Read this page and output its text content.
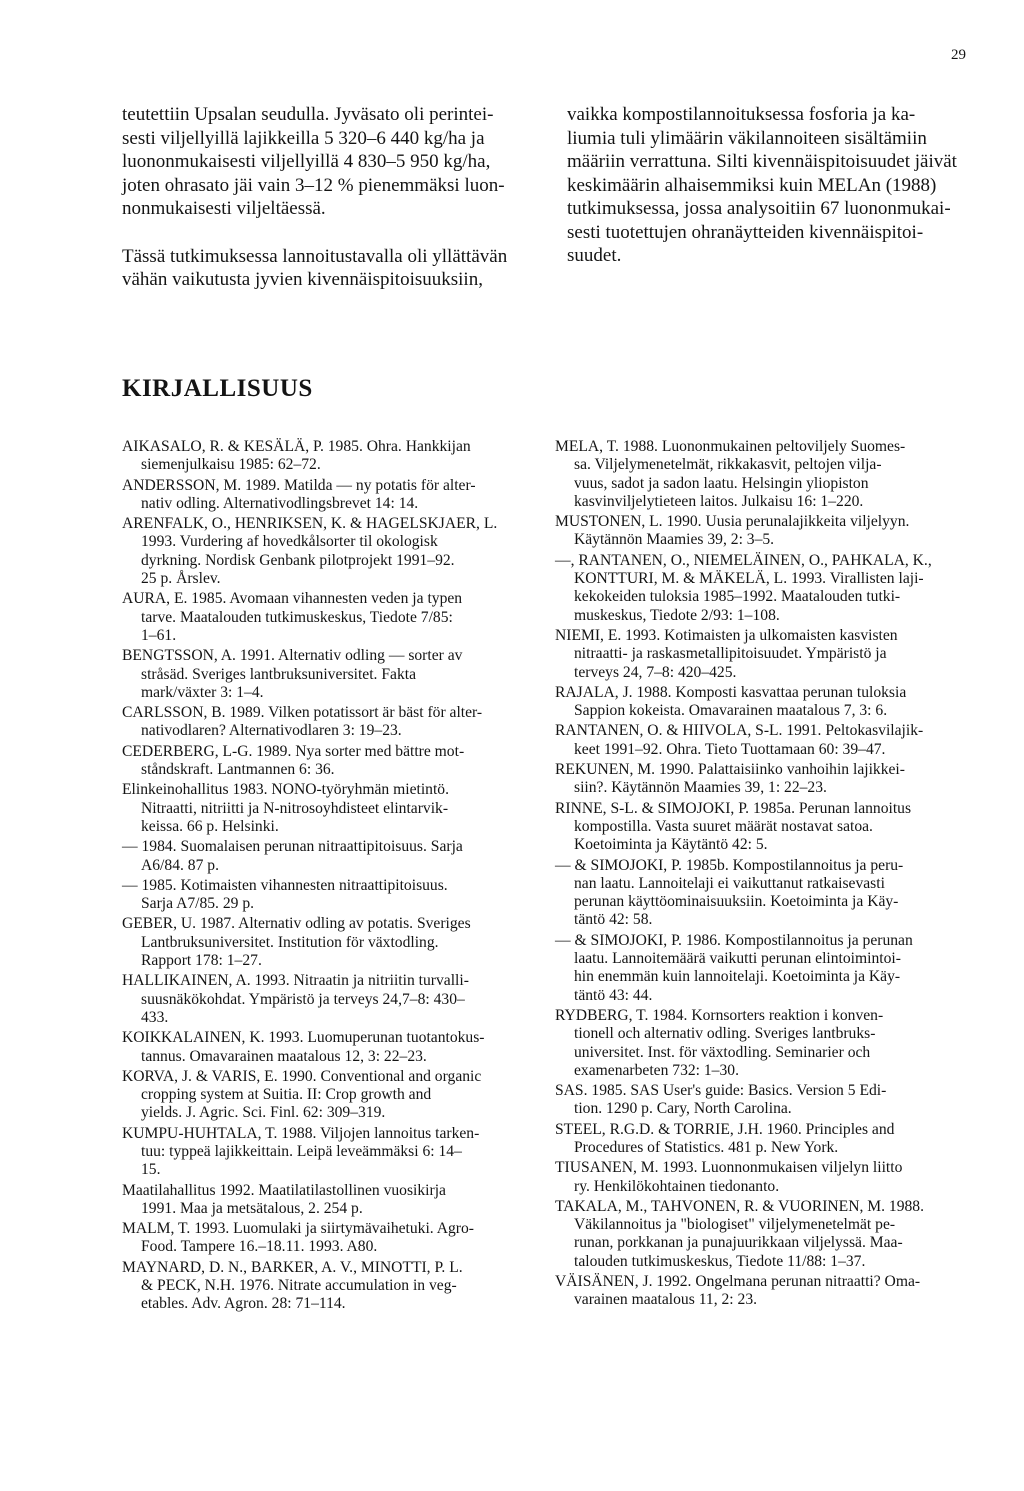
29

teutettiin Upsalan seudulla. Jyväsato oli perintei-
sesti viljellyillä lajikkeilla 5 320–6 440 kg/ha ja
luononmukaisesti viljellyillä 4 830–5 950 kg/ha,
joten ohrasato jäi vain 3–12 % pienemmäksi luon-
nonmukaisesti viljeltäessä.

Tässä tutkimuksessa lannoitustavalla oli yllättävän
vähän vaikutusta jyvien kivennäispitoisuuksiin,

vaikka kompostilannoituksessa fosforia ja ka-
liumia tuli ylimäärin väkilannoiteen sisältämiin
määriin verrattuna. Silti kivennäispitoisuudet jäivät
keskimäärin alhaisemmiksi kuin MELAn (1988)
tutkimuksessa, jossa analysoitiin 67 luononmukai-
sesti tuotettujen ohranäytteiden kivennäispitoi-
suudet.

KIRJALLISUUS
AIKASALO, R. & KESÄLÄ, P. 1985. Ohra. Hankkijan
siemenjulkaisu 1985: 62–72.
ANDERSSON, M. 1989. Matilda — ny potatis för alter-
nativ odling. Alternativodlingsbrevet 14: 14.
ARENFALK, O., HENRIKSEN, K. & HAGELSKJAER, L.
1993. Vurdering af hovedkålsorter til okologisk
dyrkning. Nordisk Genbank pilotprojekt 1991–92.
25 p. Årslev.
AURA, E. 1985. Avomaan vihannesten veden ja typen
tarve. Maatalouden tutkimuskeskus, Tiedote 7/85:
1–61.
BENGTSSON, A. 1991. Alternativ odling — sorter av
stråsäd. Sveriges lantbruksuniversitet. Fakta
mark/växter 3: 1–4.
CARLSSON, B. 1989. Vilken potatissort är bäst för alter-
nativodlaren? Alternativodlaren 3: 19–23.
CEDERBERG, L-G. 1989. Nya sorter med bättre mot-
ståndskraft. Lantmannen 6: 36.
Elinkeinohallitus 1983. NONO-työryhmän mietintö.
Nitraatti, nitriitti ja N-nitrosoyhdisteet elintarvik-
keissa. 66 p. Helsinki.
— 1984. Suomalaisen perunan nitraattipitoisuus. Sarja
A6/84. 87 p.
— 1985. Kotimaisten vihannesten nitraattipitoisuus.
Sarja A7/85. 29 p.
GEBER, U. 1987. Alternativ odling av potatis. Sveriges
Lantbruksuniversitet. Institution för växtodling.
Rapport 178: 1–27.
HALLIKAINEN, A. 1993. Nitraatin ja nitriitin turvalli-
suusnäkökohdat. Ympäristö ja terveys 24,7–8: 430–
433.
KOIKKALAINEN, K. 1993. Luomuperunan tuotantokus-
tannus. Omavarainen maatalous 12, 3: 22–23.
KORVA, J. & VARIS, E. 1990. Conventional and organic
cropping system at Suitia. II: Crop growth and
yields. J. Agric. Sci. Finl. 62: 309–319.
KUMPU-HUHTALA, T. 1988. Viljojen lannoitus tarken-
tuu: typpeä lajikkeittain. Leipä leveämmäksi 6: 14–
15.
Maatilahallitus 1992. Maatilatilastollinen vuosikirja
1991. Maa ja metsätalous, 2. 254 p.
MALM, T. 1993. Luomulaki ja siirtymävaihetuki. Agro-
Food. Tampere 16.–18.11. 1993. A80.
MAYNARD, D. N., BARKER, A. V., MINOTTI, P. L.
& PECK, N.H. 1976. Nitrate accumulation in veg-
etables. Adv. Agron. 28: 71–114.
MELA, T. 1988. Luononmukainen peltoviljely Suomes-
sa. Viljelymenetelmät, rikkakasvit, peltojen vilja-
vuus, sadot ja sadon laatu. Helsingin yliopiston
kasvinviljelytieteen laitos. Julkaisu 16: 1–220.
MUSTONEN, L. 1990. Uusia perunalajikkeita viljelyyn.
Käytännön Maamies 39, 2: 3–5.
—, RANTANEN, O., NIEMELÄINEN, O., PAHKALA, K.,
KONTTURI, M. & MÄKELÄ, L. 1993. Virallisten laji-
kekokeiden tuloksia 1985–1992. Maatalouden tutki-
muskeskus, Tiedote 2/93: 1–108.
NIEMI, E. 1993. Kotimaisten ja ulkomaisten kasvisten
nitraatti- ja raskasmetallipitoisuudet. Ympäristö ja
terveys 24, 7–8: 420–425.
RAJALA, J. 1988. Komposti kasvattaa perunan tuloksia
Sappion kokeista. Omavarainen maatalous 7, 3: 6.
RANTANEN, O. & HIIVOLA, S-L. 1991. Peltokasvilajik-
keet 1991–92. Ohra. Tieto Tuottamaan 60: 39–47.
REKUNEN, M. 1990. Palattaisiinko vanhoihin lajikkei-
siin?. Käytännön Maamies 39, 1: 22–23.
RINNE, S-L. & SIMOJOKI, P. 1985a. Perunan lannoitus
kompostilla. Vasta suuret määrät nostavat satoa.
Koetoiminta ja Käytäntö 42: 5.
— & SIMOJOKI, P. 1985b. Kompostilannoitus ja peru-
nan laatu. Lannoitelaji ei vaikuttanut ratkaisevasti
perunan käyttöominaisuuksiin. Koetoiminta ja Käy-
täntö 42: 58.
— & SIMOJOKI, P. 1986. Kompostilannoitus ja perunan
laatu. Lannoitemäärä vaikutti perunan elintoimintoi-
hin enemmän kuin lannoitelaji. Koetoiminta ja Käy-
täntö 43: 44.
RYDBERG, T. 1984. Kornsorters reaktion i konven-
tionell och alternativ odling. Sveriges lantbruks-
universitet. Inst. för växtodling. Seminarier och
examenarbeten 732: 1–30.
SAS. 1985. SAS User's guide: Basics. Version 5 Edi-
tion. 1290 p. Cary, North Carolina.
STEEL, R.G.D. & TORRIE, J.H. 1960. Principles and
Procedures of Statistics. 481 p. New York.
TIUSANEN, M. 1993. Luonnonmukaisen viljelyn liitto
ry. Henkilökohtainen tiedonanto.
TAKALA, M., TAHVONEN, R. & VUORINEN, M. 1988.
Väkilannoitus ja "biologiset" viljelymenetelmät pe-
runan, porkkanan ja punajuurikkaan viljelyssä. Maa-
talouden tutkimuskeskus, Tiedote 11/88: 1–37.
VÄISÄNEN, J. 1992. Ongelmana perunan nitraatti? Oma-
varainen maatalous 11, 2: 23.
